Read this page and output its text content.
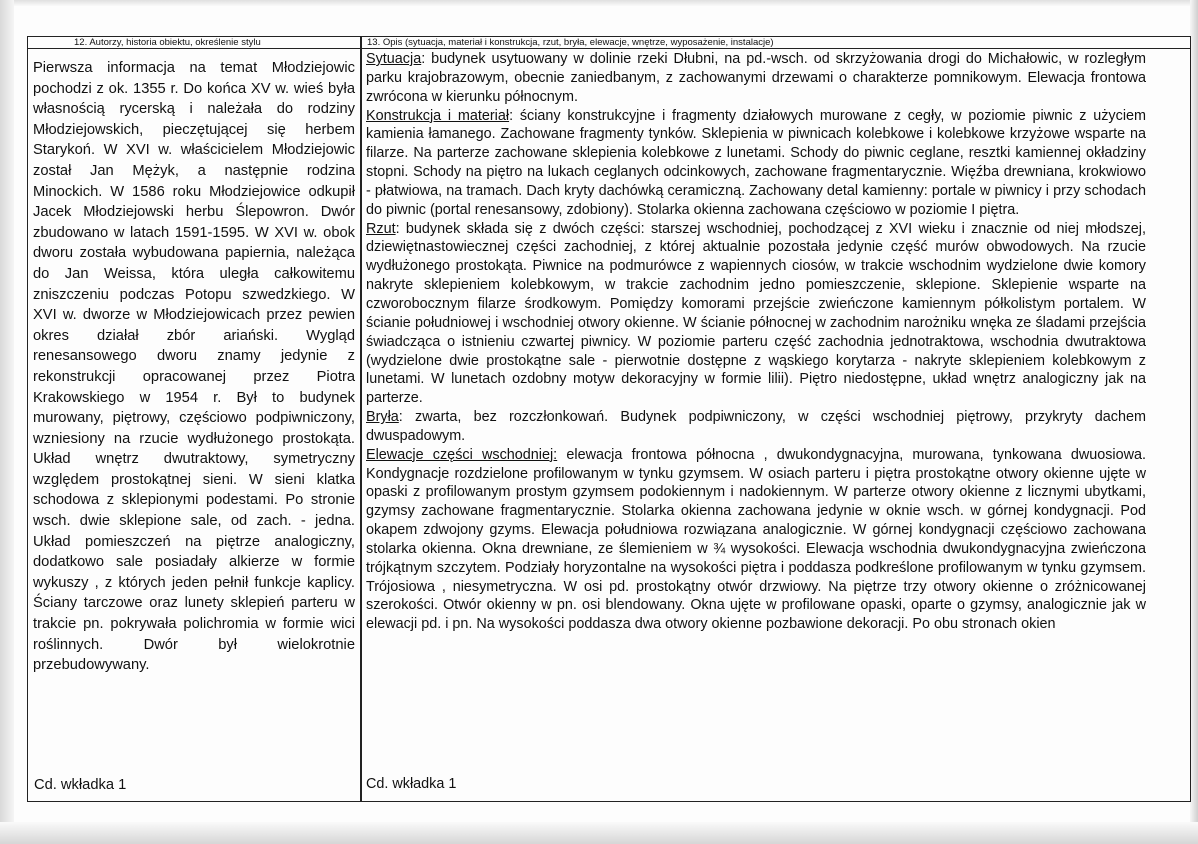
12. Autorzy, historia obiektu, określenie stylu	13. Opis (sytuacja, materiał i konstrukcja, rzut, bryła, elewacje, wnętrze, wyposażenie, instalacje)

Pierwsza informacja na temat Młodziejowic pochodzi z ok. 1355 r. Do końca XV w. wieś była własnością rycerską i należała do rodziny Młodziejowskich, pieczętującej się herbem Starykoń. W XVI w. właścicielem Młodziejowic został Jan Mężyk, a następnie rodzina Minockich. W 1586 roku Młodziejowice odkupił Jacek Młodziejowski herbu Ślepowron. Dwór zbudowano w latach 1591-1595. W XVI w. obok dworu została wybudowana papiernia, należąca do Jan Weissa, która uległa całkowitemu zniszczeniu podczas Potopu szwedzkiego. W XVI w. dworze w Młodziejowicach przez pewien okres działał zbór ariański. Wygląd renesansowego dworu znamy jedynie z rekonstrukcji opracowanej przez Piotra Krakowskiego w 1954 r. Był to budynek murowany, piętrowy, częściowo podpiwniczony, wzniesiony na rzucie wydłużonego prostokąta. Układ wnętrz dwutraktowy, symetryczny względem prostokątnej sieni. W sieni klatka schodowa z sklepionymi podestami. Po stronie wsch. dwie sklepione sale, od zach. - jedna. Układ pomieszczeń na piętrze analogiczny, dodatkowo sale posiadały alkierze w formie wykuszy , z których jeden pełnił funkcje kaplicy. Ściany tarczowe oraz lunety sklepień parteru w trakcie pn. pokrywała polichromia w formie wici roślinnych. Dwór był wielokrotnie przebudowywany.

Sytuacja: budynek usytuowany w dolinie rzeki Dłubni, na pd.-wsch. od skrzyżowania drogi do Michałowic, w rozległym parku krajobrazowym, obecnie zaniedbanym, z zachowanymi drzewami o charakterze pomnikowym. Elewacja frontowa zwrócona w kierunku północnym.

Konstrukcja i materiał: ściany konstrukcyjne i fragmenty działowych murowane z cegły, w poziomie piwnic z użyciem kamienia łamanego. Zachowane fragmenty tynków. Sklepienia w piwnicach kolebkowe i kolebkowe krzyżowe wsparte na filarze. Na parterze zachowane sklepienia kolebkowe z lunetami. Schody do piwnic ceglane, resztki kamiennej okładziny stopni. Schody na piętro na lukach ceglanych odcinkowych, zachowane fragmentarycznie. Więźba drewniana, krokwiowo - płatwiowa, na tramach. Dach kryty dachówką ceramiczną. Zachowany detal kamienny: portale w piwnicy i przy schodach do piwnic (portal renesansowy, zdobiony). Stolarka okienna zachowana częściowo w poziomie I piętra.

Rzut: budynek składa się z dwóch części: starszej wschodniej, pochodzącej z XVI wieku i znacznie od niej młodszej, dziewiętnastowiecznej części zachodniej, z której aktualnie pozostała jedynie część murów obwodowych. Na rzucie wydłużonego prostokąta. Piwnice na podmurówce z wapiennych ciosów, w trakcie wschodnim wydzielone dwie komory nakryte sklepieniem kolebkowym, w trakcie zachodnim jedno pomieszczenie, sklepione. Sklepienie wsparte na czworobocznym filarze środkowym. Pomiędzy komorami przejście zwieńczone kamiennym półkolistym portalem. W ścianie południowej i wschodniej otwory okienne. W ścianie północnej w zachodnim narożniku wnęka ze śladami przejścia świadcząca o istnieniu czwartej piwnicy. W poziomie parteru część zachodnia jednotraktowa, wschodnia dwutraktowa (wydzielone dwie prostokątne sale - pierwotnie dostępne z wąskiego korytarza - nakryte sklepieniem kolebkowym z lunetami. W lunetach ozdobny motyw dekoracyjny w formie lilii). Piętro niedostępne, układ wnętrz analogiczny jak na parterze.

Bryła: zwarta, bez rozczłonkowań. Budynek podpiwniczony, w części wschodniej piętrowy, przykryty dachem dwuspadowym.

Elewacje części wschodniej: elewacja frontowa północna , dwukondygnacyjna, murowana, tynkowana dwuosiowa. Kondygnacje rozdzielone profilowanym w tynku gzymsem. W osiach parteru i piętra prostokątne otwory okienne ujęte w opaski z profilowanym prostym gzymsem podokiennym i nadokiennym. W parterze otwory okienne z licznymi ubytkami, gzymsy zachowane fragmentarycznie. Stolarka okienna zachowana jedynie w oknie wsch. w górnej kondygnacji. Pod okapem zdwojony gzyms. Elewacja południowa rozwiązana analogicznie. W górnej kondygnacji częściowo zachowana stolarka okienna. Okna drewniane, ze ślemieniem w ¾ wysokości. Elewacja wschodnia dwukondygnacyjna zwieńczona trójkątnym szczytem. Podziały horyzontalne na wysokości piętra i poddasza podkreślone profilowanym w tynku gzymsem. Trójosiowa , niesymetryczna. W osi pd. prostokątny otwór drzwiowy. Na piętrze trzy otwory okienne o zróżnicowanej szerokości. Otwór okienny w pn. osi blendowany. Okna ujęte w profilowane opaski, oparte o gzymsy, analogicznie jak w elewacji pd. i pn. Na wysokości poddasza dwa otwory okienne pozbawione dekoracji. Po obu stronach okien

Cd. wkładka 1	Cd. wkładka 1
